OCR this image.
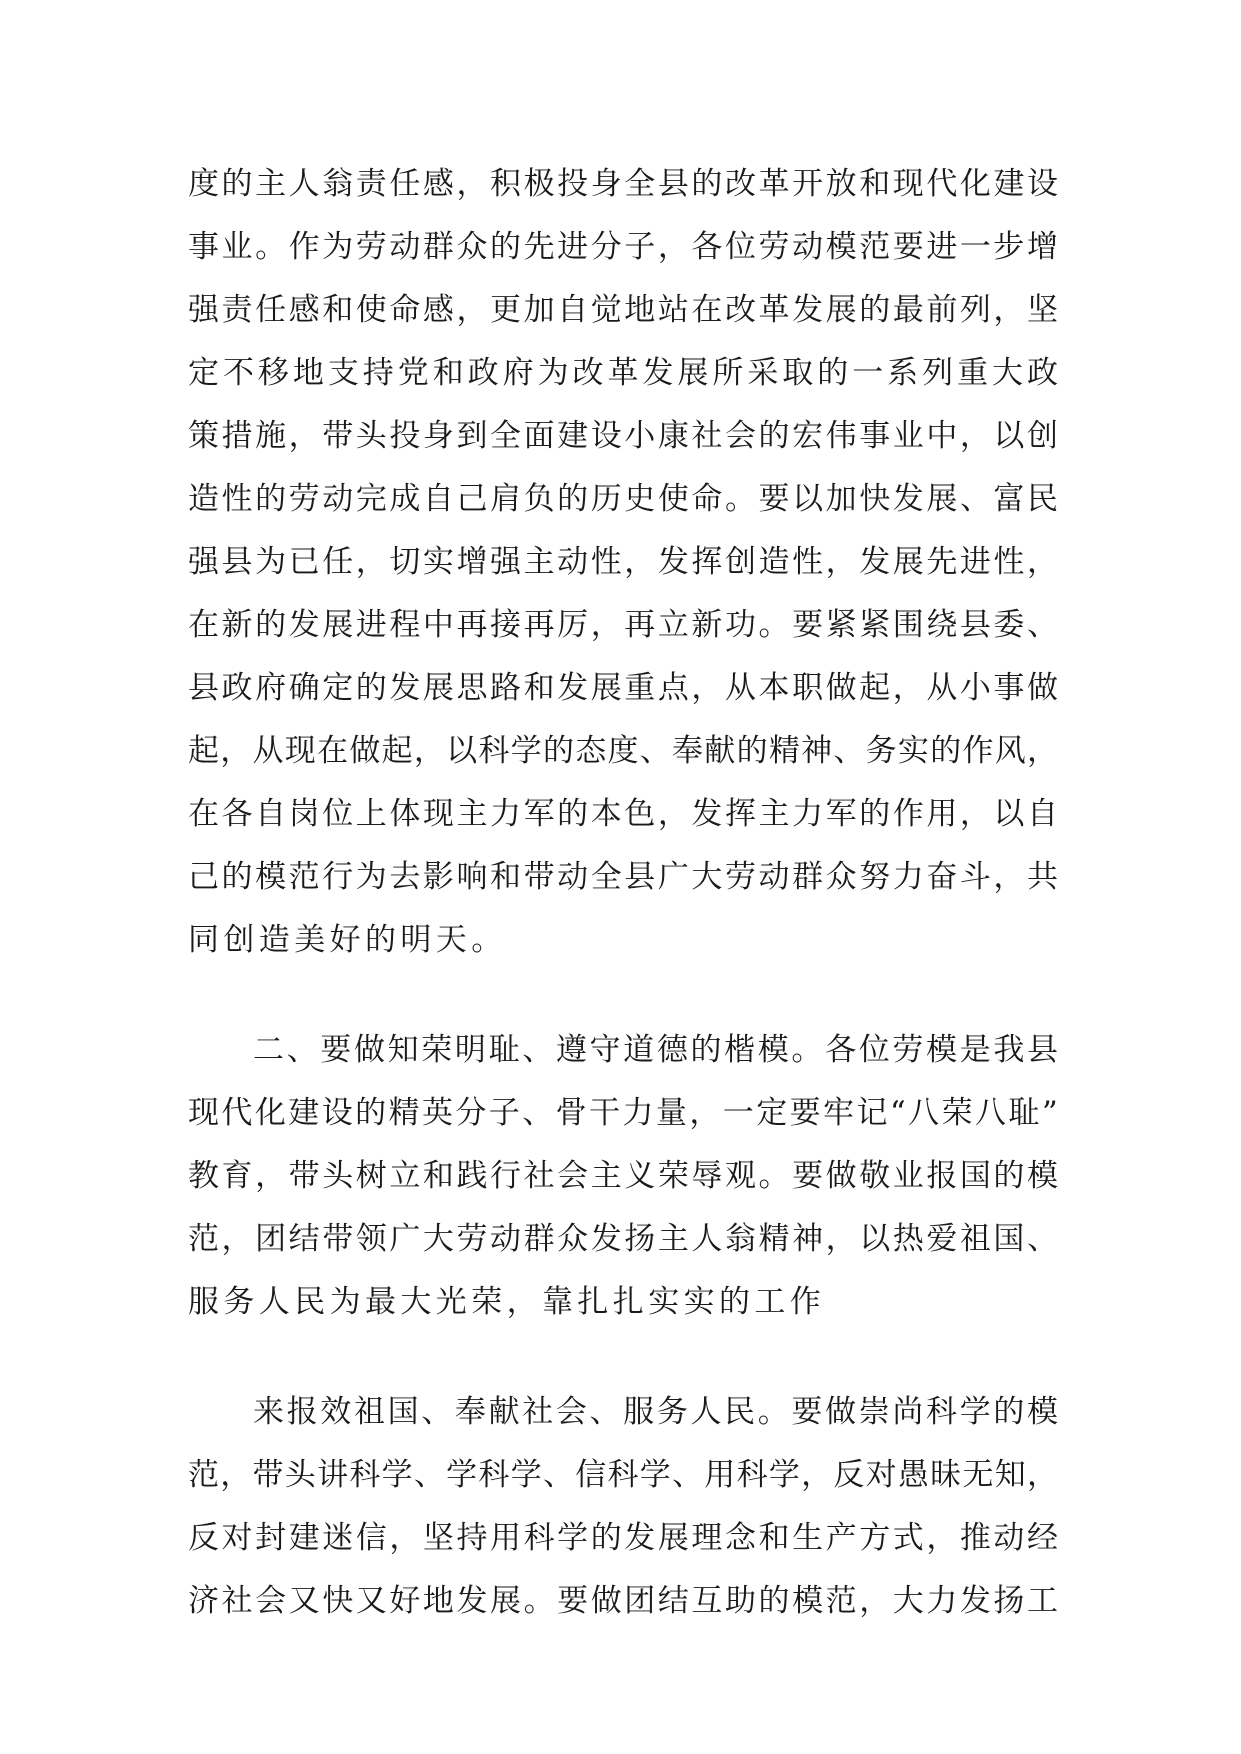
度的主人翁责任感，积极投身全县的改革开放和现代化建设
事业。作为劳动群众的先进分子，各位劳动模范要进一步增
强责任感和使命感，更加自觉地站在改革发展的最前列，坚
定不移地支持党和政府为改革发展所采取的一系列重大政
策措施，带头投身到全面建设小康社会的宏伟事业中，以创
造性的劳动完成自己肩负的历史使命。要以加快发展、富民
强县为已任，切实增强主动性，发挥创造性，发展先进性，
在新的发展进程中再接再厉，再立新功。要紧紧围绕县委、
县政府确定的发展思路和发展重点，从本职做起，从小事做
起，从现在做起，以科学的态度、奉献的精神、务实的作风，
在各自岗位上体现主力军的本色，发挥主力军的作用，以自
己的模范行为去影响和带动全县广大劳动群众努力奋斗，共
同创造美好的明天。
二、要做知荣明耻、遵守道德的楷模。各位劳模是我县
现代化建设的精英分子、骨干力量，一定要牢记“八荣八耻”
教育，带头树立和践行社会主义荣辱观。要做敬业报国的模
范，团结带领广大劳动群众发扬主人翁精神，以热爱祖国、
服务人民为最大光荣，靠扎扎实实的工作
来报效祖国、奉献社会、服务人民。要做崇尚科学的模
范，带头讲科学、学科学、信科学、用科学，反对愚昧无知，
反对封建迷信，坚持用科学的发展理念和生产方式，推动经
济社会又快又好地发展。要做团结互助的模范，大力发扬工
